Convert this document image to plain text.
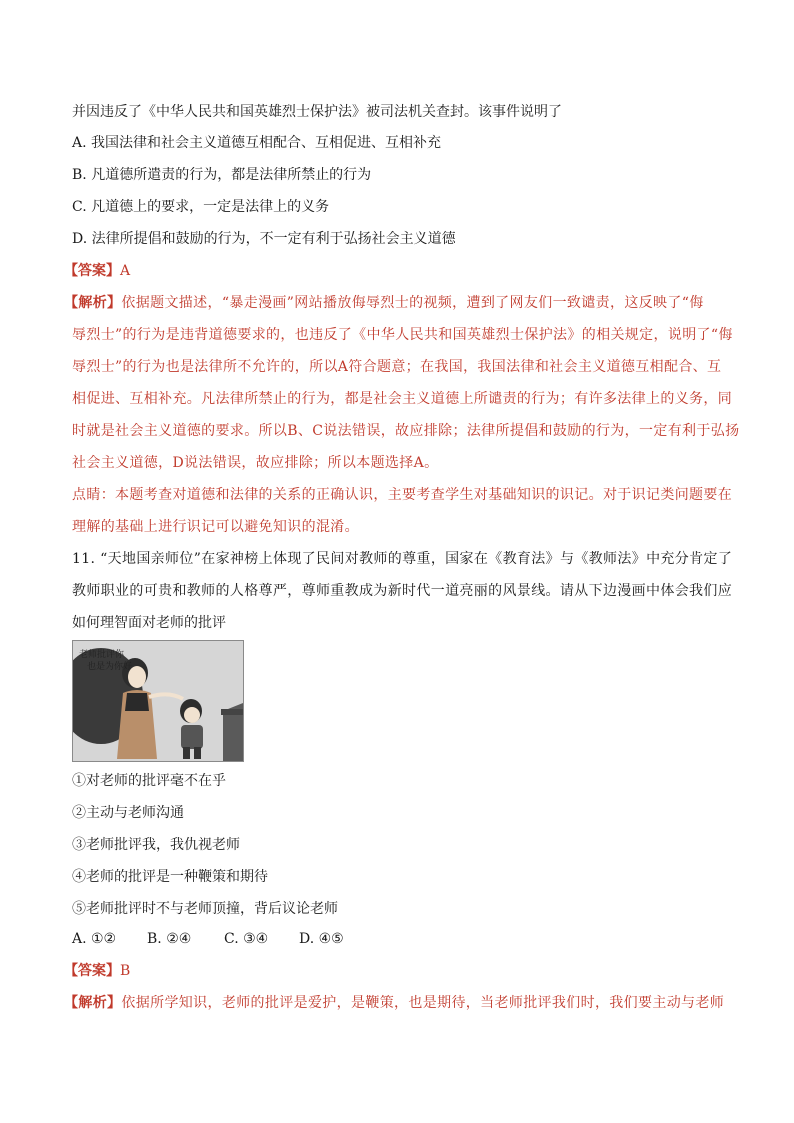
并因违反了《中华人民共和国英雄烈士保护法》被司法机关查封。该事件说明了
A. 我国法律和社会主义道德互相配合、互相促进、互相补充
B. 凡道德所遣责的行为，都是法律所禁止的行为
C. 凡道德上的要求，一定是法律上的义务
D. 法律所提倡和鼓励的行为，不一定有利于弘扬社会主义道德
【答案】A
【解析】依据题文描述，“暴走漫画”网站播放侮辱烈士的视频，遭到了网友们一致谴责，这反映了“侮
辱烈士”的行为是违背道德要求的，也违反了《中华人民共和国英雄烈士保护法》的相关规定，说明了“侮
辱烈士”的行为也是法律所不允许的，所以A符合题意；在我国，我国法律和社会主义道德互相配合、互
相促进、互相补充。凡法律所禁止的行为，都是社会主义道德上所谴责的行为；有许多法律上的义务，同
时就是社会主义道德的要求。所以B、C说法错误，故应排除；法律所提倡和鼓励的行为，一定有利于弘扬
社会主义道德，D说法错误，故应排除；所以本题选择A。
点睛：本题考查对道德和法律的关系的正确认识，主要考查学生对基础知识的识记。对于识记类问题要在
理解的基础上进行识记可以避免知识的混淆。
11. “天地国亲师位”在家神榜上体现了民间对教师的尊重，国家在《教育法》与《教师法》中充分肯定了
教师职业的可贵和教师的人格尊严，尊师重教成为新时代一道亮丽的风景线。请从下边漫画中体会我们应
如何理智面对老师的批评
老师批评你
也是为你好
①对老师的批评毫不在乎
②主动与老师沟通
③老师批评我，我仇视老师
④老师的批评是一种鞭策和期待
⑤老师批评时不与老师顶撞，背后议论老师
A. ①② B. ②④ C. ③④ D. ④⑤
【答案】B
【解析】依据所学知识，老师的批评是爱护，是鞭策，也是期待，当老师批评我们时，我们要主动与老师
